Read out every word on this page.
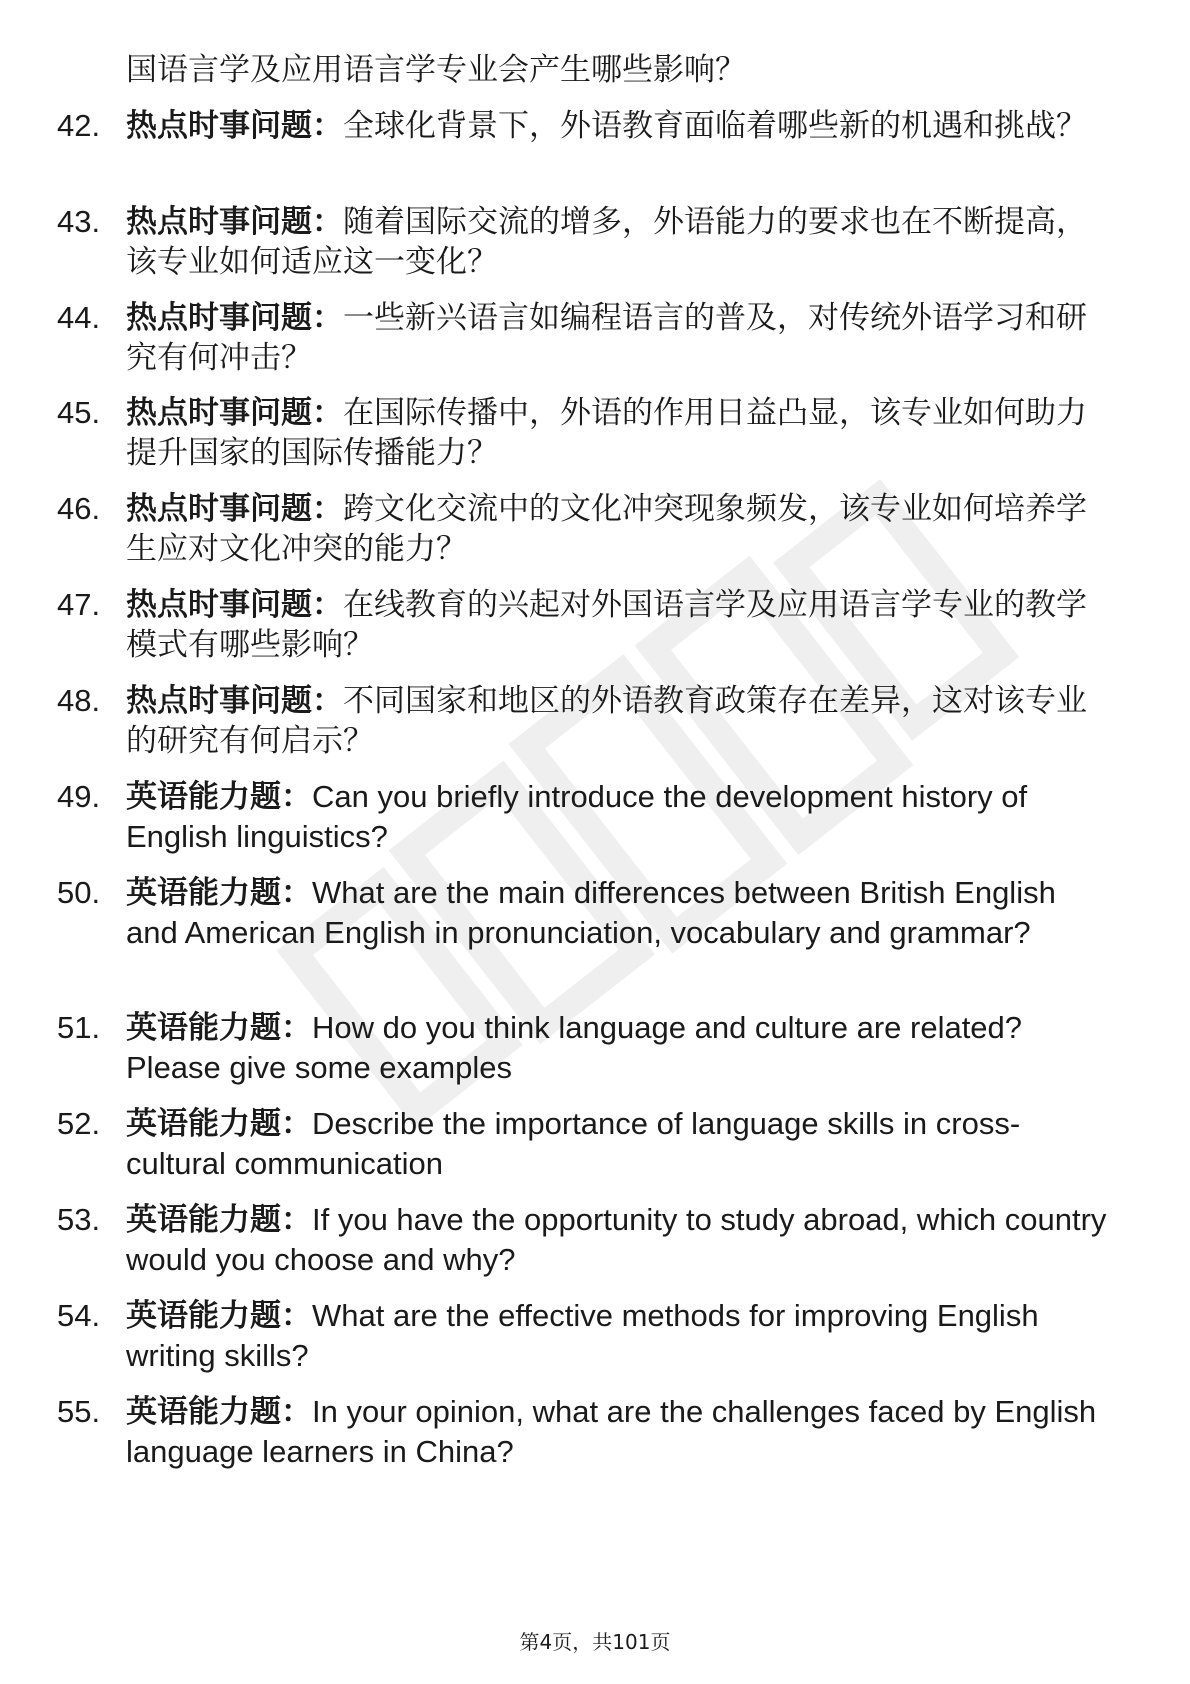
国语言学及应用语言学专业会产生哪些影响？
42. 热点时事问题：全球化背景下，外语教育面临着哪些新的机遇和挑战？
43. 热点时事问题：随着国际交流的增多，外语能力的要求也在不断提高，该专业如何适应这一变化？
44. 热点时事问题：一些新兴语言如编程语言的普及，对传统外语学习和研究有何冲击？
45. 热点时事问题：在国际传播中，外语的作用日益凸显，该专业如何助力提升国家的国际传播能力？
46. 热点时事问题：跨文化交流中的文化冲突现象频发，该专业如何培养学生应对文化冲突的能力？
47. 热点时事问题：在线教育的兴起对外国语言学及应用语言学专业的教学模式有哪些影响？
48. 热点时事问题：不同国家和地区的外语教育政策存在差异，这对该专业的研究有何启示？
49. 英语能力题：Can you briefly introduce the development history of English linguistics?
50. 英语能力题：What are the main differences between British English and American English in pronunciation, vocabulary and grammar?
51. 英语能力题：How do you think language and culture are related? Please give some examples
52. 英语能力题：Describe the importance of language skills in cross-cultural communication
53. 英语能力题：If you have the opportunity to study abroad, which country would you choose and why?
54. 英语能力题：What are the effective methods for improving English writing skills?
55. 英语能力题：In your opinion, what are the challenges faced by English language learners in China?
第4页，共101页
